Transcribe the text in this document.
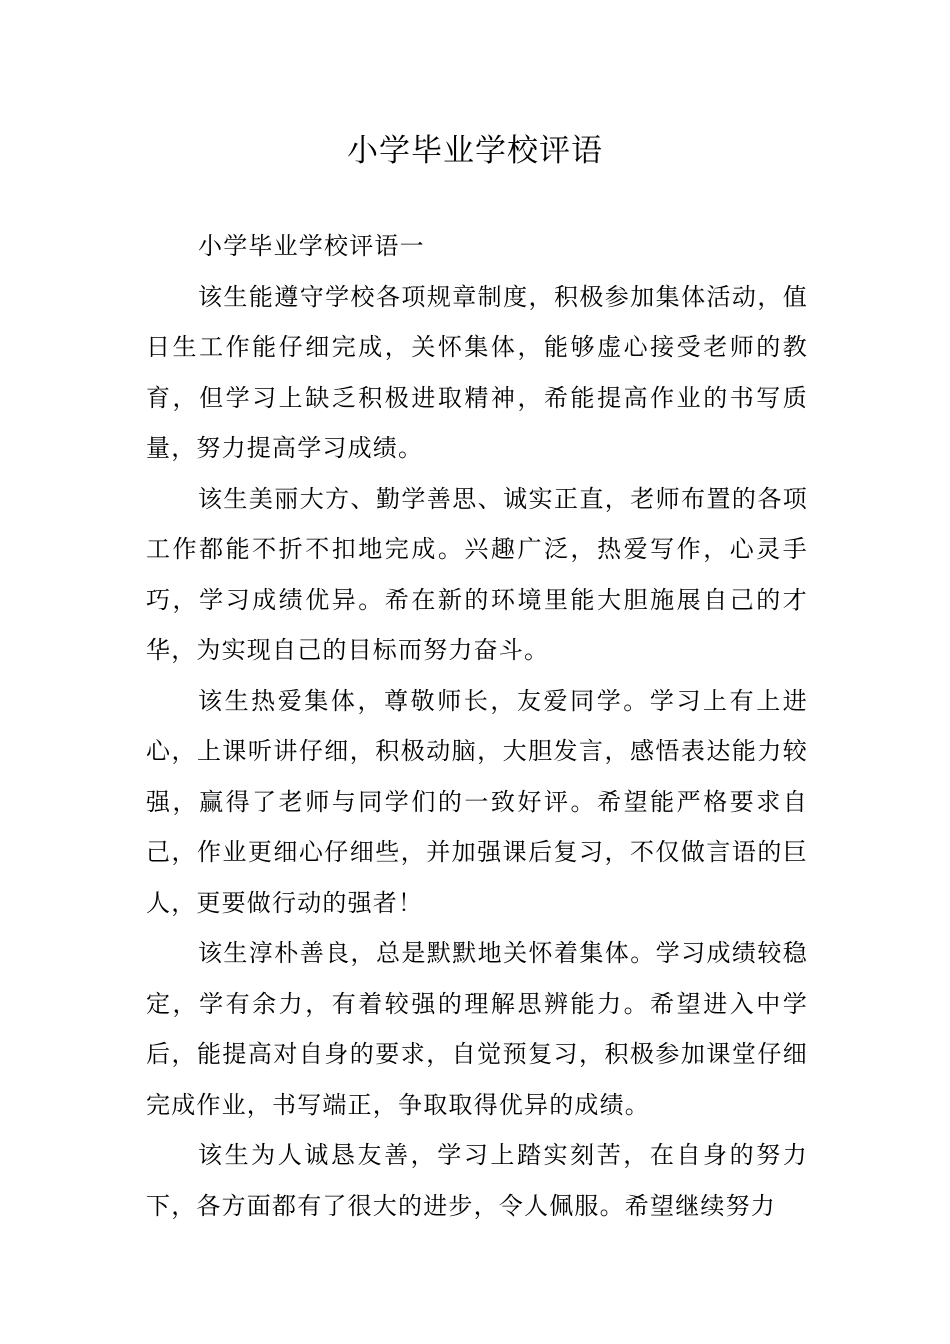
小学毕业学校评语

小学毕业学校评语一

该生能遵守学校各项规章制度，积极参加集体活动，值日生工作能仔细完成，关怀集体，能够虚心接受老师的教育，但学习上缺乏积极进取精神，希能提高作业的书写质量，努力提高学习成绩。

该生美丽大方、勤学善思、诚实正直，老师布置的各项工作都能不折不扣地完成。兴趣广泛，热爱写作，心灵手巧，学习成绩优异。希在新的环境里能大胆施展自己的才华，为实现自己的目标而努力奋斗。

该生热爱集体，尊敬师长，友爱同学。学习上有上进心，上课听讲仔细，积极动脑，大胆发言，感悟表达能力较强，赢得了老师与同学们的一致好评。希望能严格要求自己，作业更细心仔细些，并加强课后复习，不仅做言语的巨人，更要做行动的强者！

该生淳朴善良，总是默默地关怀着集体。学习成绩较稳定，学有余力，有着较强的理解思辨能力。希望进入中学后，能提高对自身的要求，自觉预复习，积极参加课堂仔细完成作业，书写端正，争取取得优异的成绩。

该生为人诚恳友善，学习上踏实刻苦，在自身的努力下，各方面都有了很大的进步，令人佩服。希望继续努力
